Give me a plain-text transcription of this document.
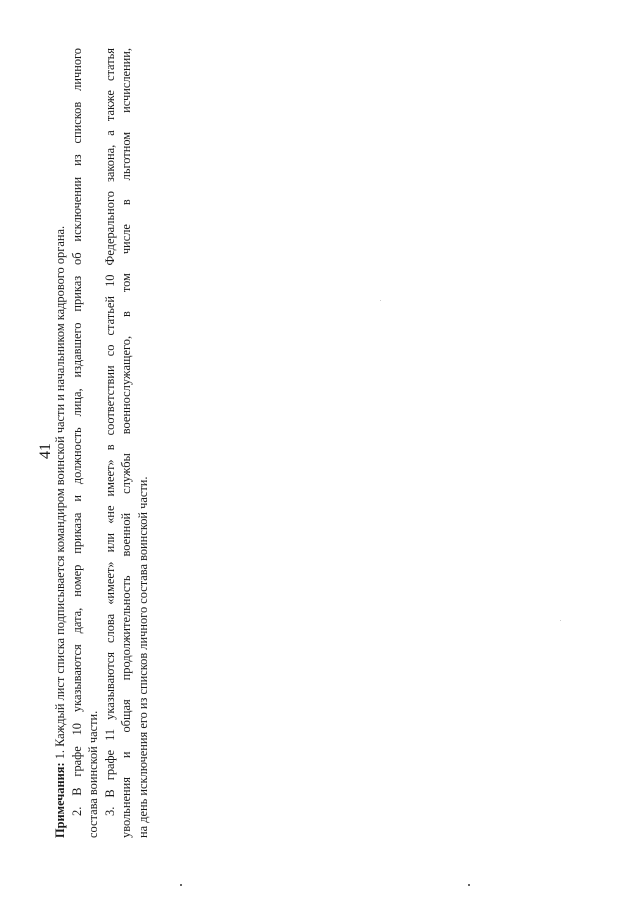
41

Примечания: 1. Каждый лист списка подписывается командиром воинской части и начальником кадрового органа. 2. В графе 10 указываются дата, номер приказа и должность лица, издавшего приказ об исключении из списков личного состава воинской части. 3. В графе 11 указываются слова «имеет» или «не имеет» в соответствии со статьей 10 Федерального закона, а также статья увольнения и общая продолжительность военной службы военнослужащего, в том числе в льготном исчислении, на день исключения его из списков личного состава воинской части.
